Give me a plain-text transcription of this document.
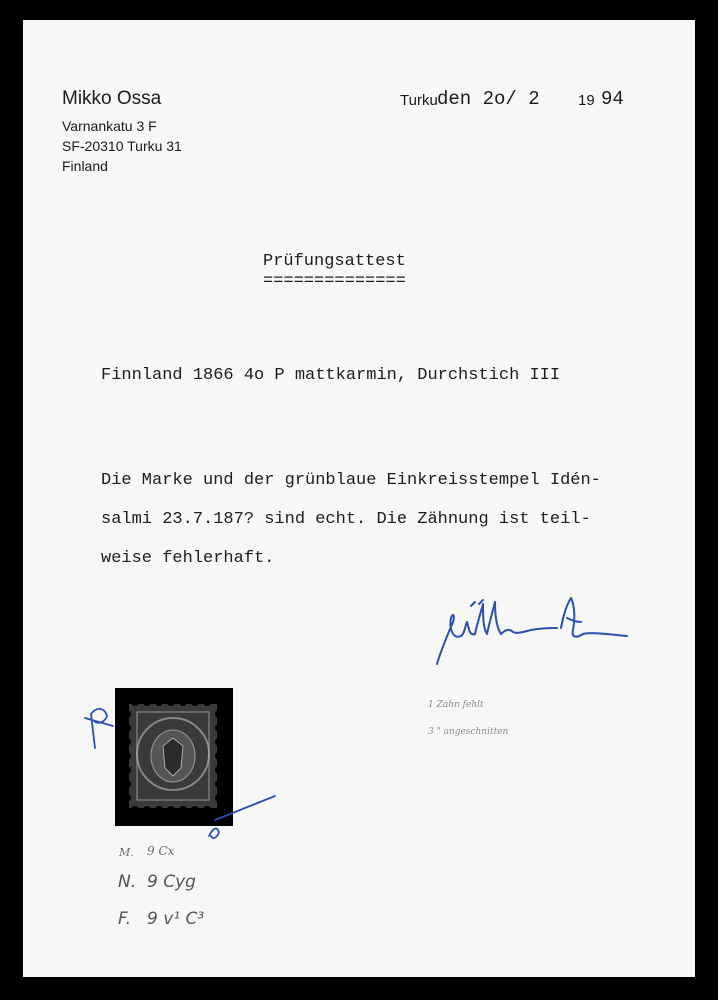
Mikko Ossa
Varnankatu 3 F
SF-20310 Turku 31
Finland
Turku den 2o/ 2	19 94
Prüfungsattest
==============
Finnland 1866 4o P mattkarmin, Durchstich III
Die Marke und der grünblaue Einkreisstempel Idén-
salmi 23.7.187? sind echt. Die Zähnung ist teil-
weise fehlerhaft.
1 Zahn fehlt
3 " angeschnitten
M. 9 Cx
N. 9 Cyg
F. 9 v¹ C³
